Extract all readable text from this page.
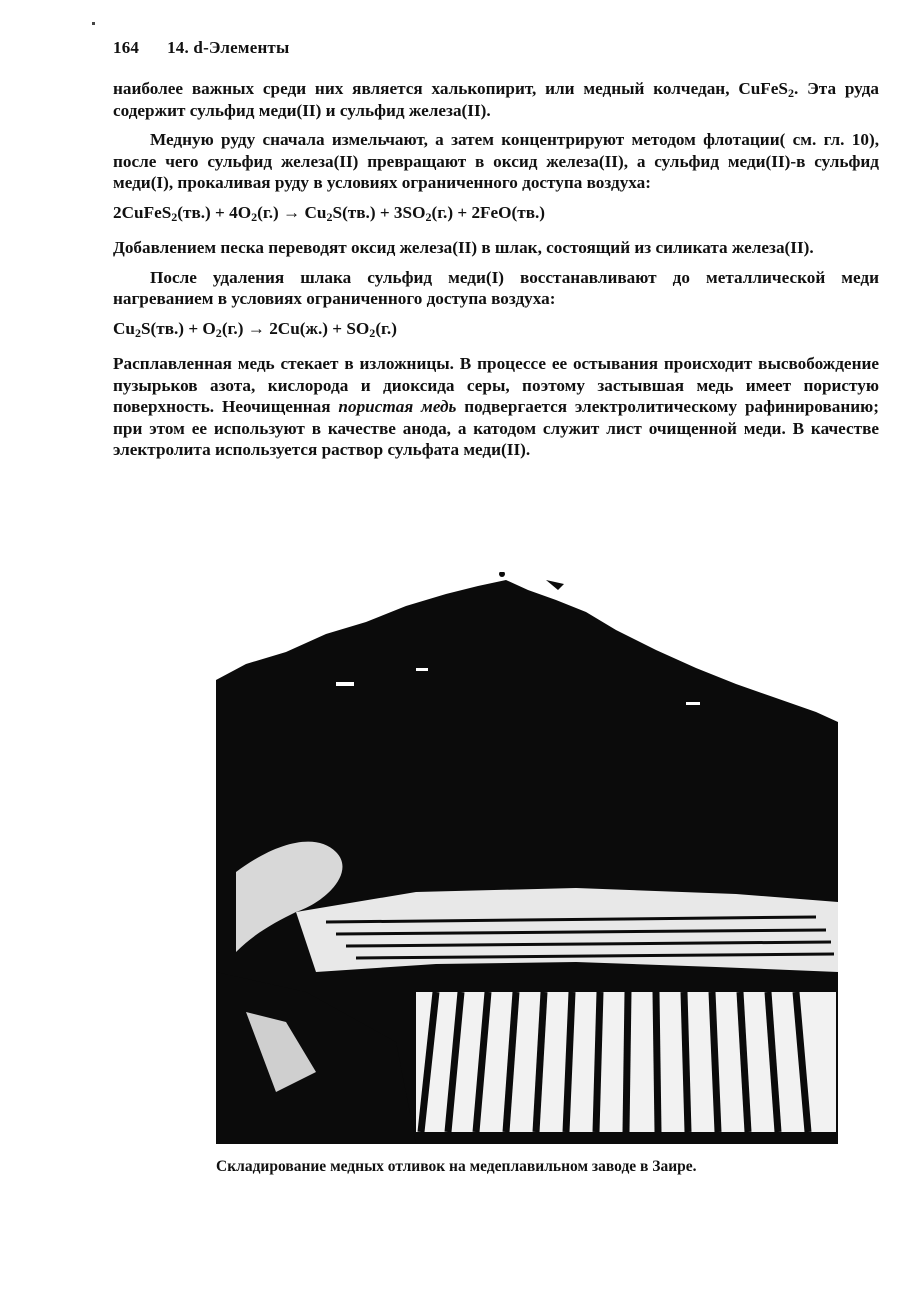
164 14. d-Элементы

наиболее важных среди них является халькопирит, или медный колчедан, CuFeS$_2$. Эта руда содержит сульфид меди(II) и сульфид железа(II).

Медную руду сначала измельчают, а затем концентрируют методом флотации( см. гл. 10), после чего сульфид железа(II) превращают в оксид железа(II), а сульфид меди(II)-в сульфид меди(I), прокаливая руду в условиях ограниченного доступа воздуха:

2CuFeS$_2$(тв.) + $4O_2(г.) \to Cu_2S(тв.) + 3SO_2(г.) + 2FeO(тв.)$

Добавлением песка переводят оксид железа(II) в шлак, состоящий из силиката железа(II).

После удаления шлака сульфид меди(I) восстанавливают до металлической меди нагреванием в условиях ограниченного доступа воздуха:

$Cu_2S(тв.) + O_2(г.) \to 2Cu(ж.) + SO_2(г.)$

Расплавленная медь стекает в изложницы. В процессе ее остывания происходит высвобождение пузырьков азота, кислорода и диоксида серы, поэтому застывшая медь имеет пористую поверхность. Неочищенная пористая медь подвергается электролитическому рафинированию; при этом ее используют в качестве анода, а катодом служит лист очищенной меди. В качестве электролита используется раствор сульфата меди(II).

Складирование медных отливок на медеплавильном заводе в Заире.
